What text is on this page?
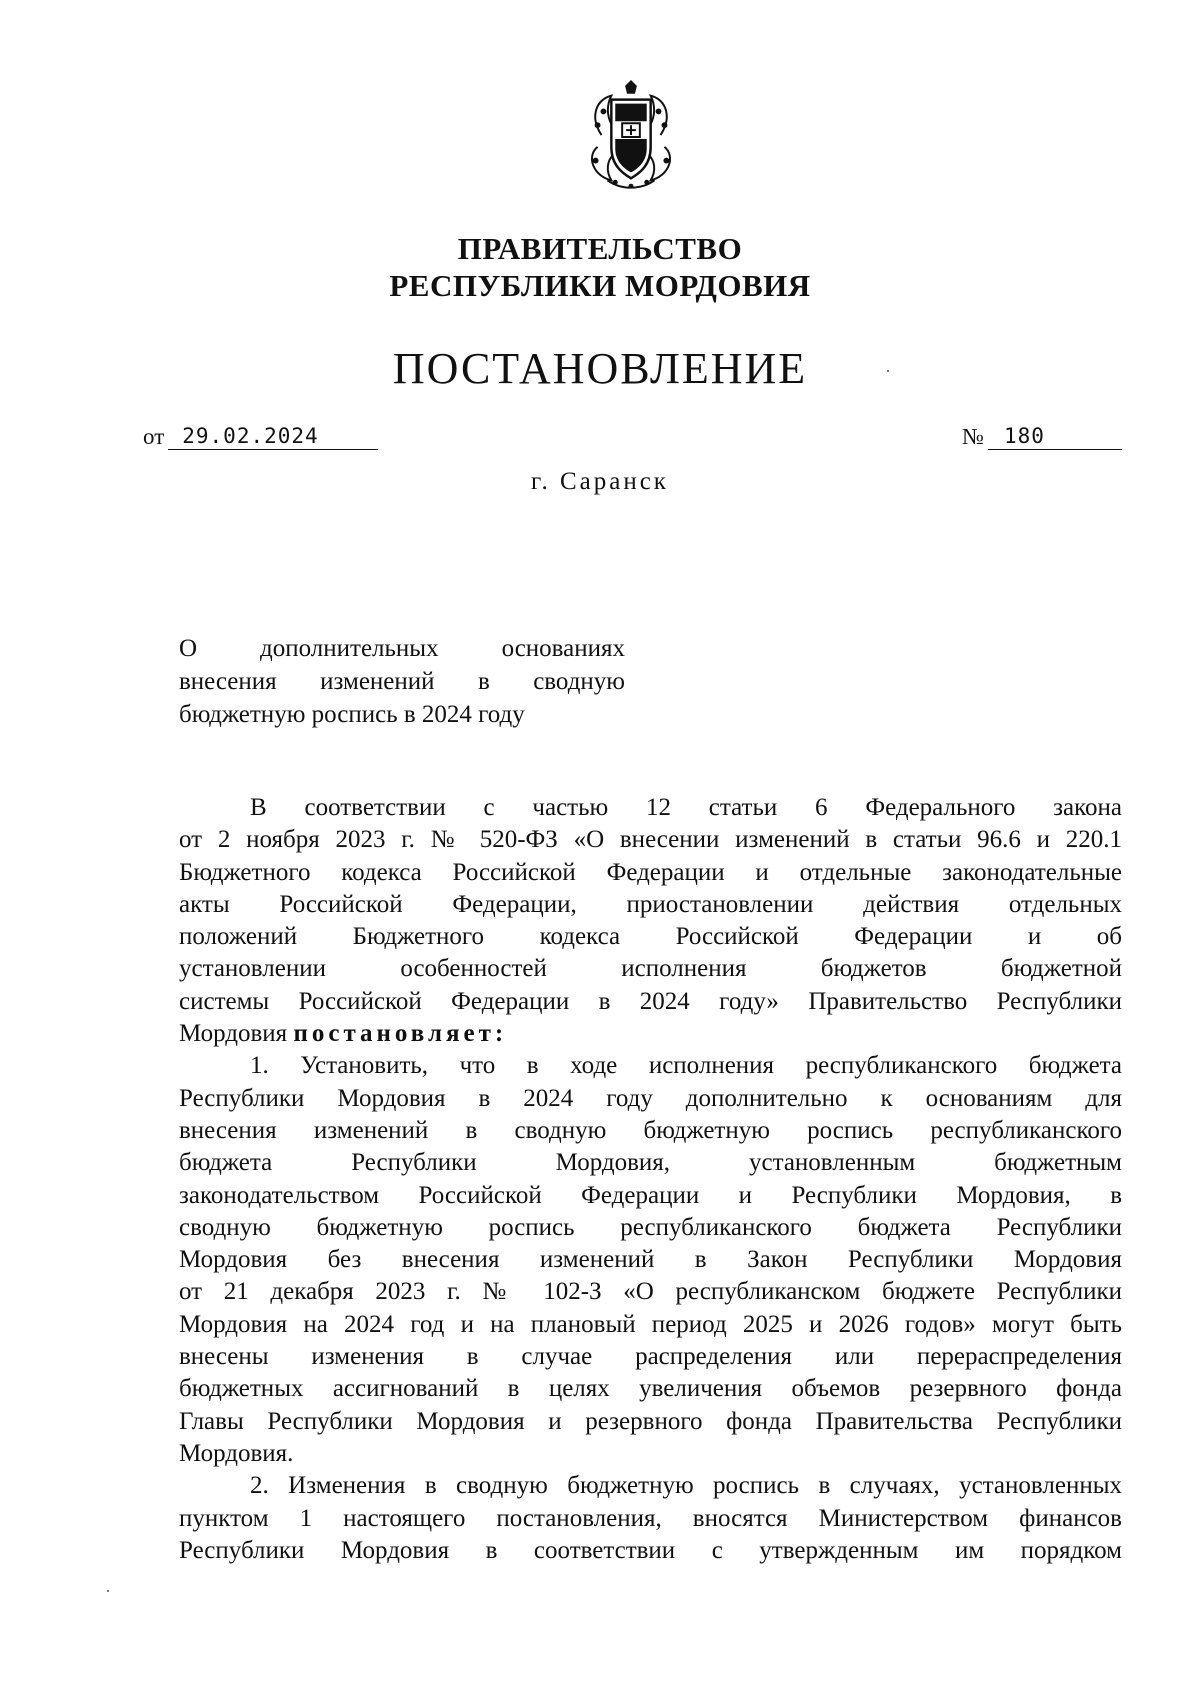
ПРАВИТЕЛЬСТВО
РЕСПУБЛИКИ МОРДОВИЯ
ПОСТАНОВЛЕНИЕ
от 29.02.2024	№ 180
г. Саранск
О дополнительных основаниях
внесения изменений в сводную
бюджетную роспись в 2024 году
В соответствии с частью 12 статьи 6 Федерального закона
от 2 ноября 2023 г. № 520-ФЗ «О внесении изменений в статьи 96.6 и 220.1
Бюджетного кодекса Российской Федерации и отдельные законодательные
акты Российской Федерации, приостановлении действия отдельных
положений Бюджетного кодекса Российской Федерации и об
установлении особенностей исполнения бюджетов бюджетной
системы Российской Федерации в 2024 году» Правительство Республики
Мордовия постановляет:
1. Установить, что в ходе исполнения республиканского бюджета
Республики Мордовия в 2024 году дополнительно к основаниям для
внесения изменений в сводную бюджетную роспись республиканского
бюджета Республики Мордовия, установленным бюджетным
законодательством Российской Федерации и Республики Мордовия, в
сводную бюджетную роспись республиканского бюджета Республики
Мордовия без внесения изменений в Закон Республики Мордовия
от 21 декабря 2023 г. № 102-З «О республиканском бюджете Республики
Мордовия на 2024 год и на плановый период 2025 и 2026 годов» могут быть
внесены изменения в случае распределения или перераспределения
бюджетных ассигнований в целях увеличения объемов резервного фонда
Главы Республики Мордовия и резервного фонда Правительства Республики
Мордовия.
2. Изменения в сводную бюджетную роспись в случаях, установленных
пунктом 1 настоящего постановления, вносятся Министерством финансов
Республики Мордовия в соответствии с утвержденным им порядком
